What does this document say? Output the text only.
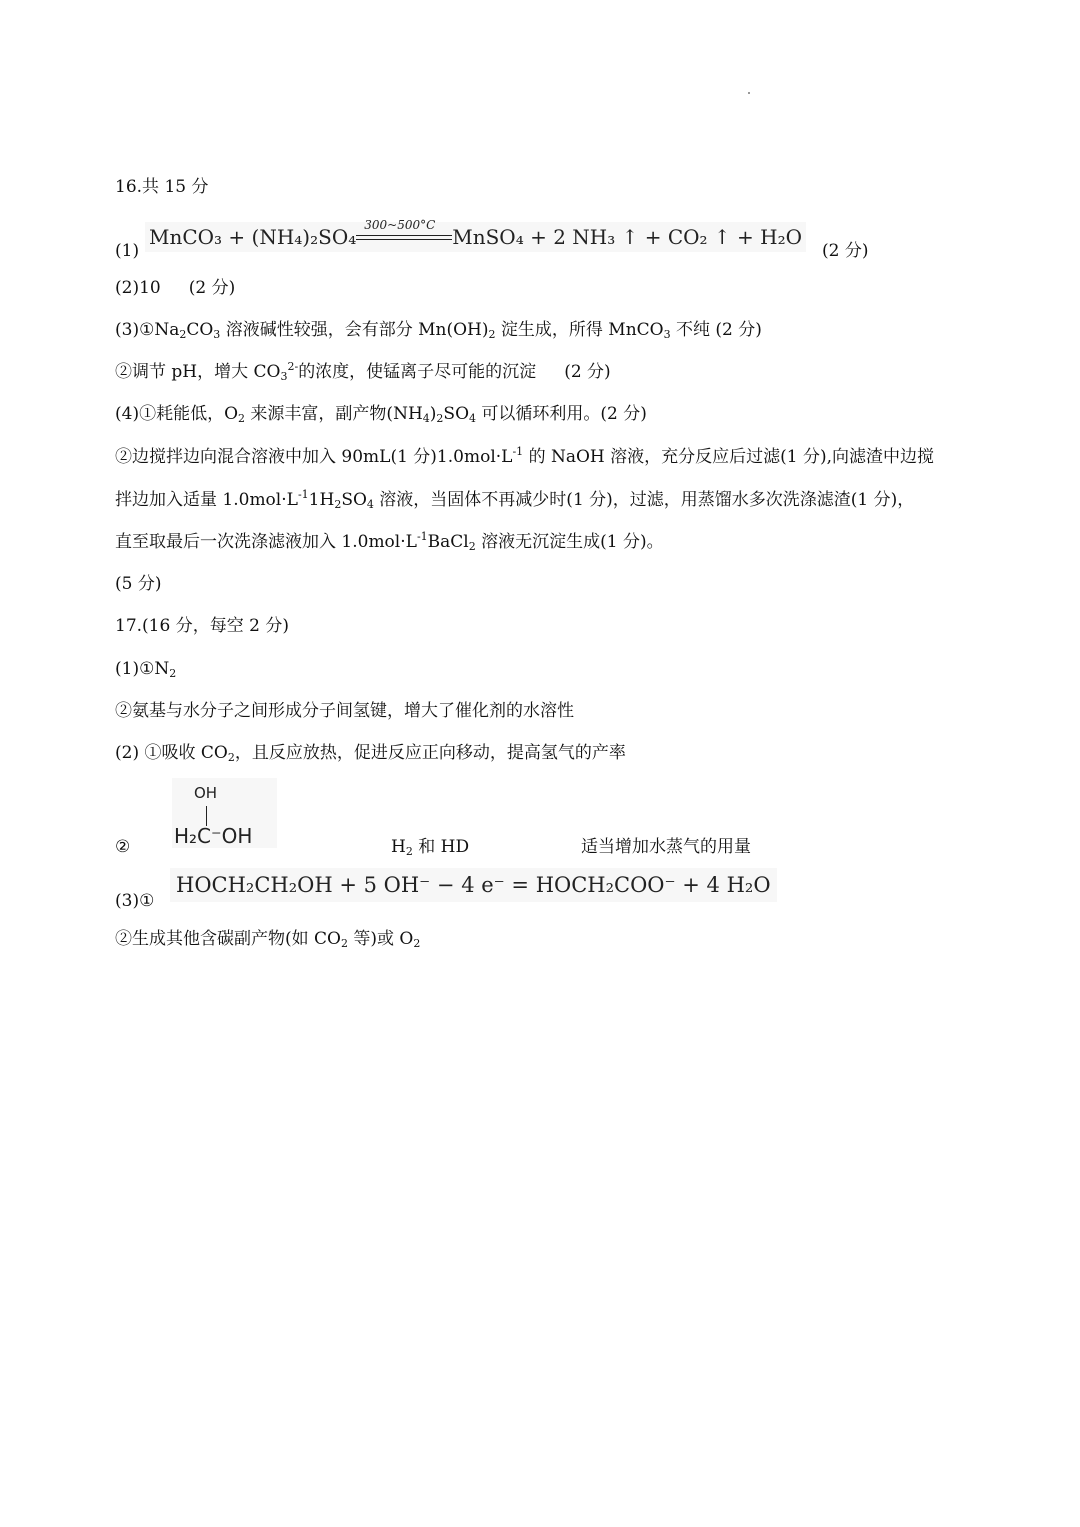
16.共 15 分
(1)
MnCO₃ + (NH₄)₂SO₄
300~500°C
MnSO₄ + 2 NH₃ ↑ + CO₂ ↑ + H₂O
(2 分)
(2)10 (2 分)
$(3)①Na_2CO_3$ 溶液碱性较强，会有部分 $Mn(OH)_2$ 淀生成，所得 MnCO$_3$ 不纯 (2 分)
②调节 pH，增大 $CO_3^{2-}$的浓度，使锰离子尽可能的沉淀 (2 分)
(4)①耗能低，$O_2$ 来源丰富，副产物$(NH_4)_2SO_4$ 可以循环利用。(2 分)
②边搅拌边向混合溶液中加入 90mL(1 分)$1.0mol\cdot L^{-1}$ 的 NaOH 溶液，充分反应后过滤(1 分),向滤渣中边搅
拌边加入适量 $1.0mol\cdot L^{-1}1H_2SO_4$ 溶液，当固体不再减少时(1 分)，过滤，用蒸馏水多次洗涤滤渣(1 分)，
直至取最后一次洗涤滤液加入 $1.0mol\cdot L^{-1}BaCl_2$ 溶液无沉淀生成(1 分)。
(5 分)
17.(16 分，每空 2 分)
$(1)①N_2$
②氨基与水分子之间形成分子间氢键，增大了催化剂的水溶性
(2) ①吸收 $CO_2$，且反应放热，促进反应正向移动，提高氢气的产率
②
OH
H₂C⁻OH	$H_2$ 和 HD	适当增加水蒸气的用量
(3)①
HOCH₂CH₂OH + 5 OH⁻ − 4 e⁻ = HOCH₂COO⁻ + 4 H₂O
②生成其他含碳副产物(如 $CO_2$ 等)或 $O_2$
